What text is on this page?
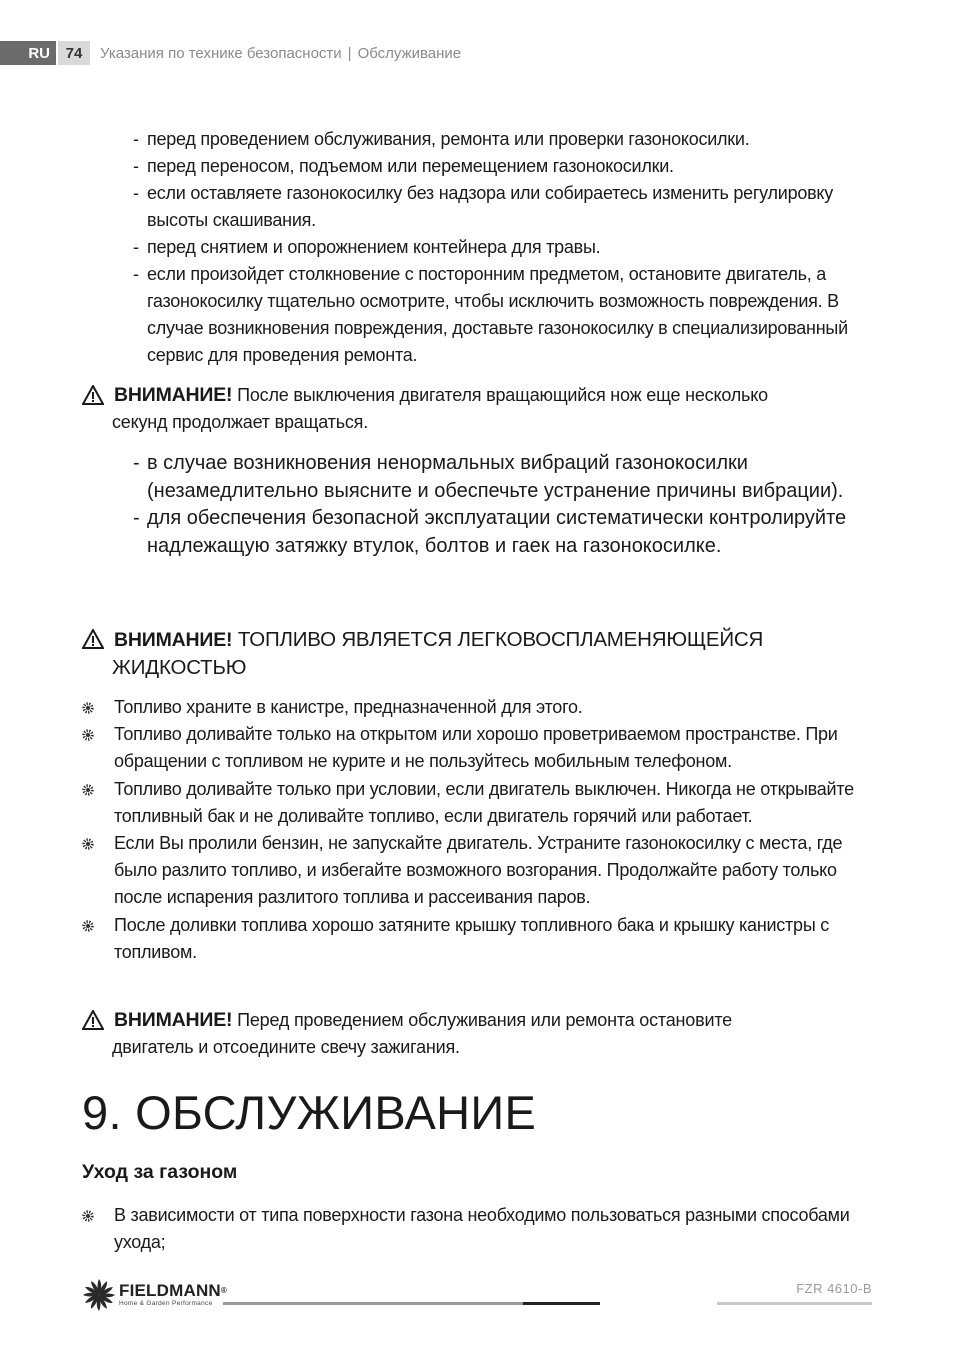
RU	74	Указания по технике безопасности | Обслуживание
- перед проведением обслуживания, ремонта или проверки газонокосилки.
- перед переносом, подъемом или перемещением газонокосилки.
- если оставляете газонокосилку без надзора или собираетесь изменить регулировку высоты скашивания.
- перед снятием и опорожнением контейнера для травы.
- если произойдет столкновение с посторонним предметом, остановите двигатель, а газонокосилку тщательно осмотрите, чтобы исключить возможность повреждения. В случае возникновения повреждения, доставьте газонокосилку в специализированный сервис для проведения ремонта.
ВНИМАНИЕ! После выключения двигателя вращающийся нож еще несколько
секунд продолжает вращаться.
- в случае возникновения ненормальных вибраций газонокосилки (незамедлительно выясните и обеспечьте устранение причины вибрации).
- для обеспечения безопасной эксплуатации систематически контролируйте надлежащую затяжку втулок, болтов и гаек на газонокосилке.
ВНИМАНИЕ! ТОПЛИВО ЯВЛЯЕТСЯ ЛЕГКОВОСПЛАМЕНЯЮЩЕЙСЯ
ЖИДКОСТЬЮ
Топливо храните в канистре, предназначенной для этого.
Топливо доливайте только на открытом или хорошо проветриваемом пространстве. При обращении с топливом не курите и не пользуйтесь мобильным телефоном.
Топливо доливайте только при условии, если двигатель выключен. Никогда не открывайте топливный бак и не доливайте топливо, если двигатель горячий или работает.
Если Вы пролили бензин, не запускайте двигатель. Устраните газонокосилку с места, где было разлито топливо, и избегайте возможного возгорания. Продолжайте работу только после испарения разлитого топлива и рассеивания паров.
После доливки топлива хорошо затяните крышку топливного бака и крышку канистры с топливом.
ВНИМАНИЕ! Перед проведением обслуживания или ремонта остановите
двигатель и отсоедините свечу зажигания.
9. ОБСЛУЖИВАНИЕ
Уход за газоном
В зависимости от типа поверхности газона необходимо пользоваться разными способами ухода;
FIELDMANN®
Home & Garden Performance
FZR 4610-B
